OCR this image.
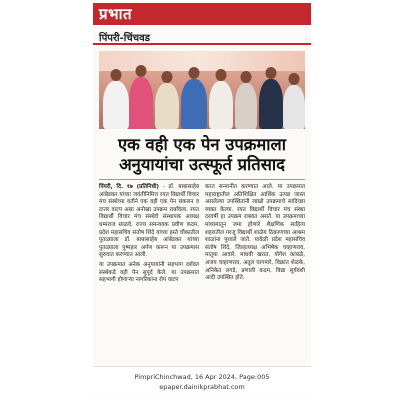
प्रभात
पिंपरी-चिंचवड
एक वही एक पेन उपक्रमाला
अनुयायांचा उत्स्फूर्त प्रतिसाद

पिंपरी, दि. १७ (प्रतिनिधी) - डॉ. बाबासाहेब आंबेडकर यांच्या जयंतीनिमित्त रयत विद्यार्थी विचार मंच संस्थेच्या वतीने एक वही एक पेन संकलन व दप्तर वाटप असा अनोखा उपक्रम राबविला. रयत विद्यार्थी विचार मंच संस्थेचे संस्थापक अध्यक्ष धम्मराज साळवे, राज्य समन्वयक प्रवीण कदम, प्रदेश महासचिव संतोष शिंदे यांच्या हस्ते चौकातील पुतळ्याला डॉ. बाबासाहेब आंबेडकर यांच्या पुतळ्याला पुष्पहार अर्पण करून या उपक्रमास सुरुवात करण्यात आली.

या उपक्रमात अनेक अनुयायांनी सहभाग दर्शवत संस्थेकडे वही पेन सुपूर्द केले. या उपक्रमात सहभागी होणाऱ्या नागरिकांना रोप वाटप

करत सन्मानीत करण्यात आले. या उपक्रमात महाराष्ट्रातील अतिशिक्षित आर्थिक उत्पन्न जास्त असलेल्या उपस्थितांनी लाखो उपक्रमाचे सादिच्छा व्यक्त केल्या. रयत विद्यार्थी विचार मंच संस्था दरवर्षी हा उपक्रम राबवत असते. या उपक्रमाच्या माध्यमातून जमा होणारे शैक्षणिक साहित्य शहरातील गरजू विद्यार्थी शाळेय ठिकाणच्या आश्रम शाळांना पुरवले जाते. यावेळी प्रदेश महासचिव संतोष शिंदे, जिल्हाध्यक्ष अभिषेक चव्हाणराव, मातृ्या आवारे, माधवी खरात, योगेश कांबळे, अजय चव्हाणराव, अतुल घागमारे, विक्रांत शेळके, अनिकेत लगडे, प्रणाली कदम, विद्या सूर्यवंशी आदी उपस्थित होते.

PimpriChinchwad, 16 Apr 2024, Page:005
epaper.dainikprabhat.com
